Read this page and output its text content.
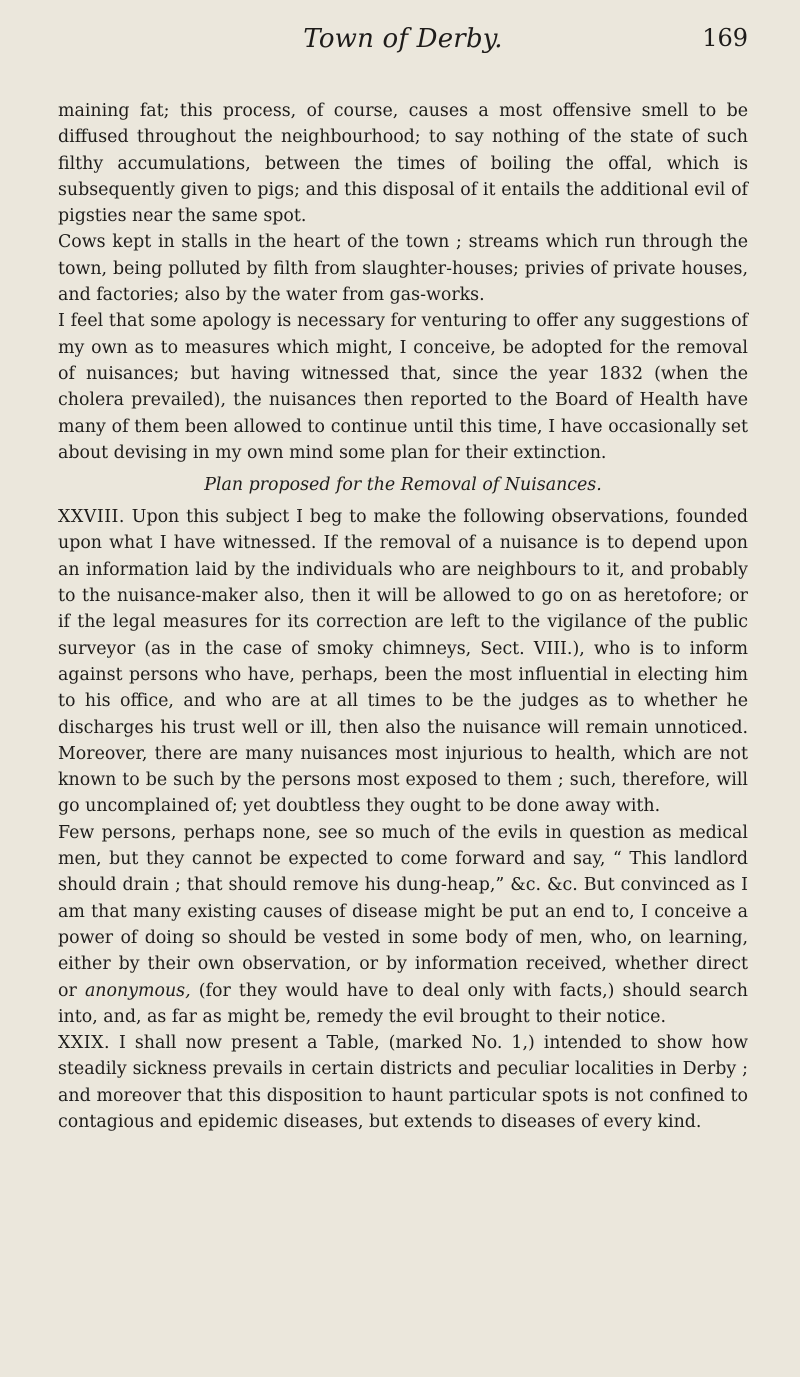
Town of Derby.	169

maining fat; this process, of course, causes a most offensive smell to be diffused throughout the neighbourhood; to say nothing of the state of such filthy accumulations, between the times of boiling the offal, which is subsequently given to pigs; and this disposal of it entails the additional evil of pigsties near the same spot.

Cows kept in stalls in the heart of the town ; streams which run through the town, being polluted by filth from slaughter-houses; privies of private houses, and factories; also by the water from gas-works.

I feel that some apology is necessary for venturing to offer any suggestions of my own as to measures which might, I conceive, be adopted for the removal of nuisances; but having witnessed that, since the year 1832 (when the cholera prevailed), the nuisances then reported to the Board of Health have many of them been allowed to continue until this time, I have occasionally set about devising in my own mind some plan for their extinction.

Plan proposed for the Removal of Nuisances.

XXVIII. Upon this subject I beg to make the following observations, founded upon what I have witnessed. If the removal of a nuisance is to depend upon an information laid by the individuals who are neighbours to it, and probably to the nuisance-maker also, then it will be allowed to go on as heretofore; or if the legal measures for its correction are left to the vigilance of the public surveyor (as in the case of smoky chimneys, Sect. VIII.), who is to inform against persons who have, perhaps, been the most influential in electing him to his office, and who are at all times to be the judges as to whether he discharges his trust well or ill, then also the nuisance will remain unnoticed. Moreover, there are many nuisances most injurious to health, which are not known to be such by the persons most exposed to them ; such, therefore, will go uncomplained of; yet doubtless they ought to be done away with.

Few persons, perhaps none, see so much of the evils in question as medical men, but they cannot be expected to come forward and say, “ This landlord should drain ; that should remove his dung-heap,” &c. &c. But convinced as I am that many existing causes of disease might be put an end to, I conceive a power of doing so should be vested in some body of men, who, on learning, either by their own observation, or by information received, whether direct or anonymous, (for they would have to deal only with facts,) should search into, and, as far as might be, remedy the evil brought to their notice.

XXIX. I shall now present a Table, (marked No. 1,) intended to show how steadily sickness prevails in certain districts and peculiar localities in Derby ; and moreover that this disposition to haunt particular spots is not confined to contagious and epidemic diseases, but extends to diseases of every kind.
